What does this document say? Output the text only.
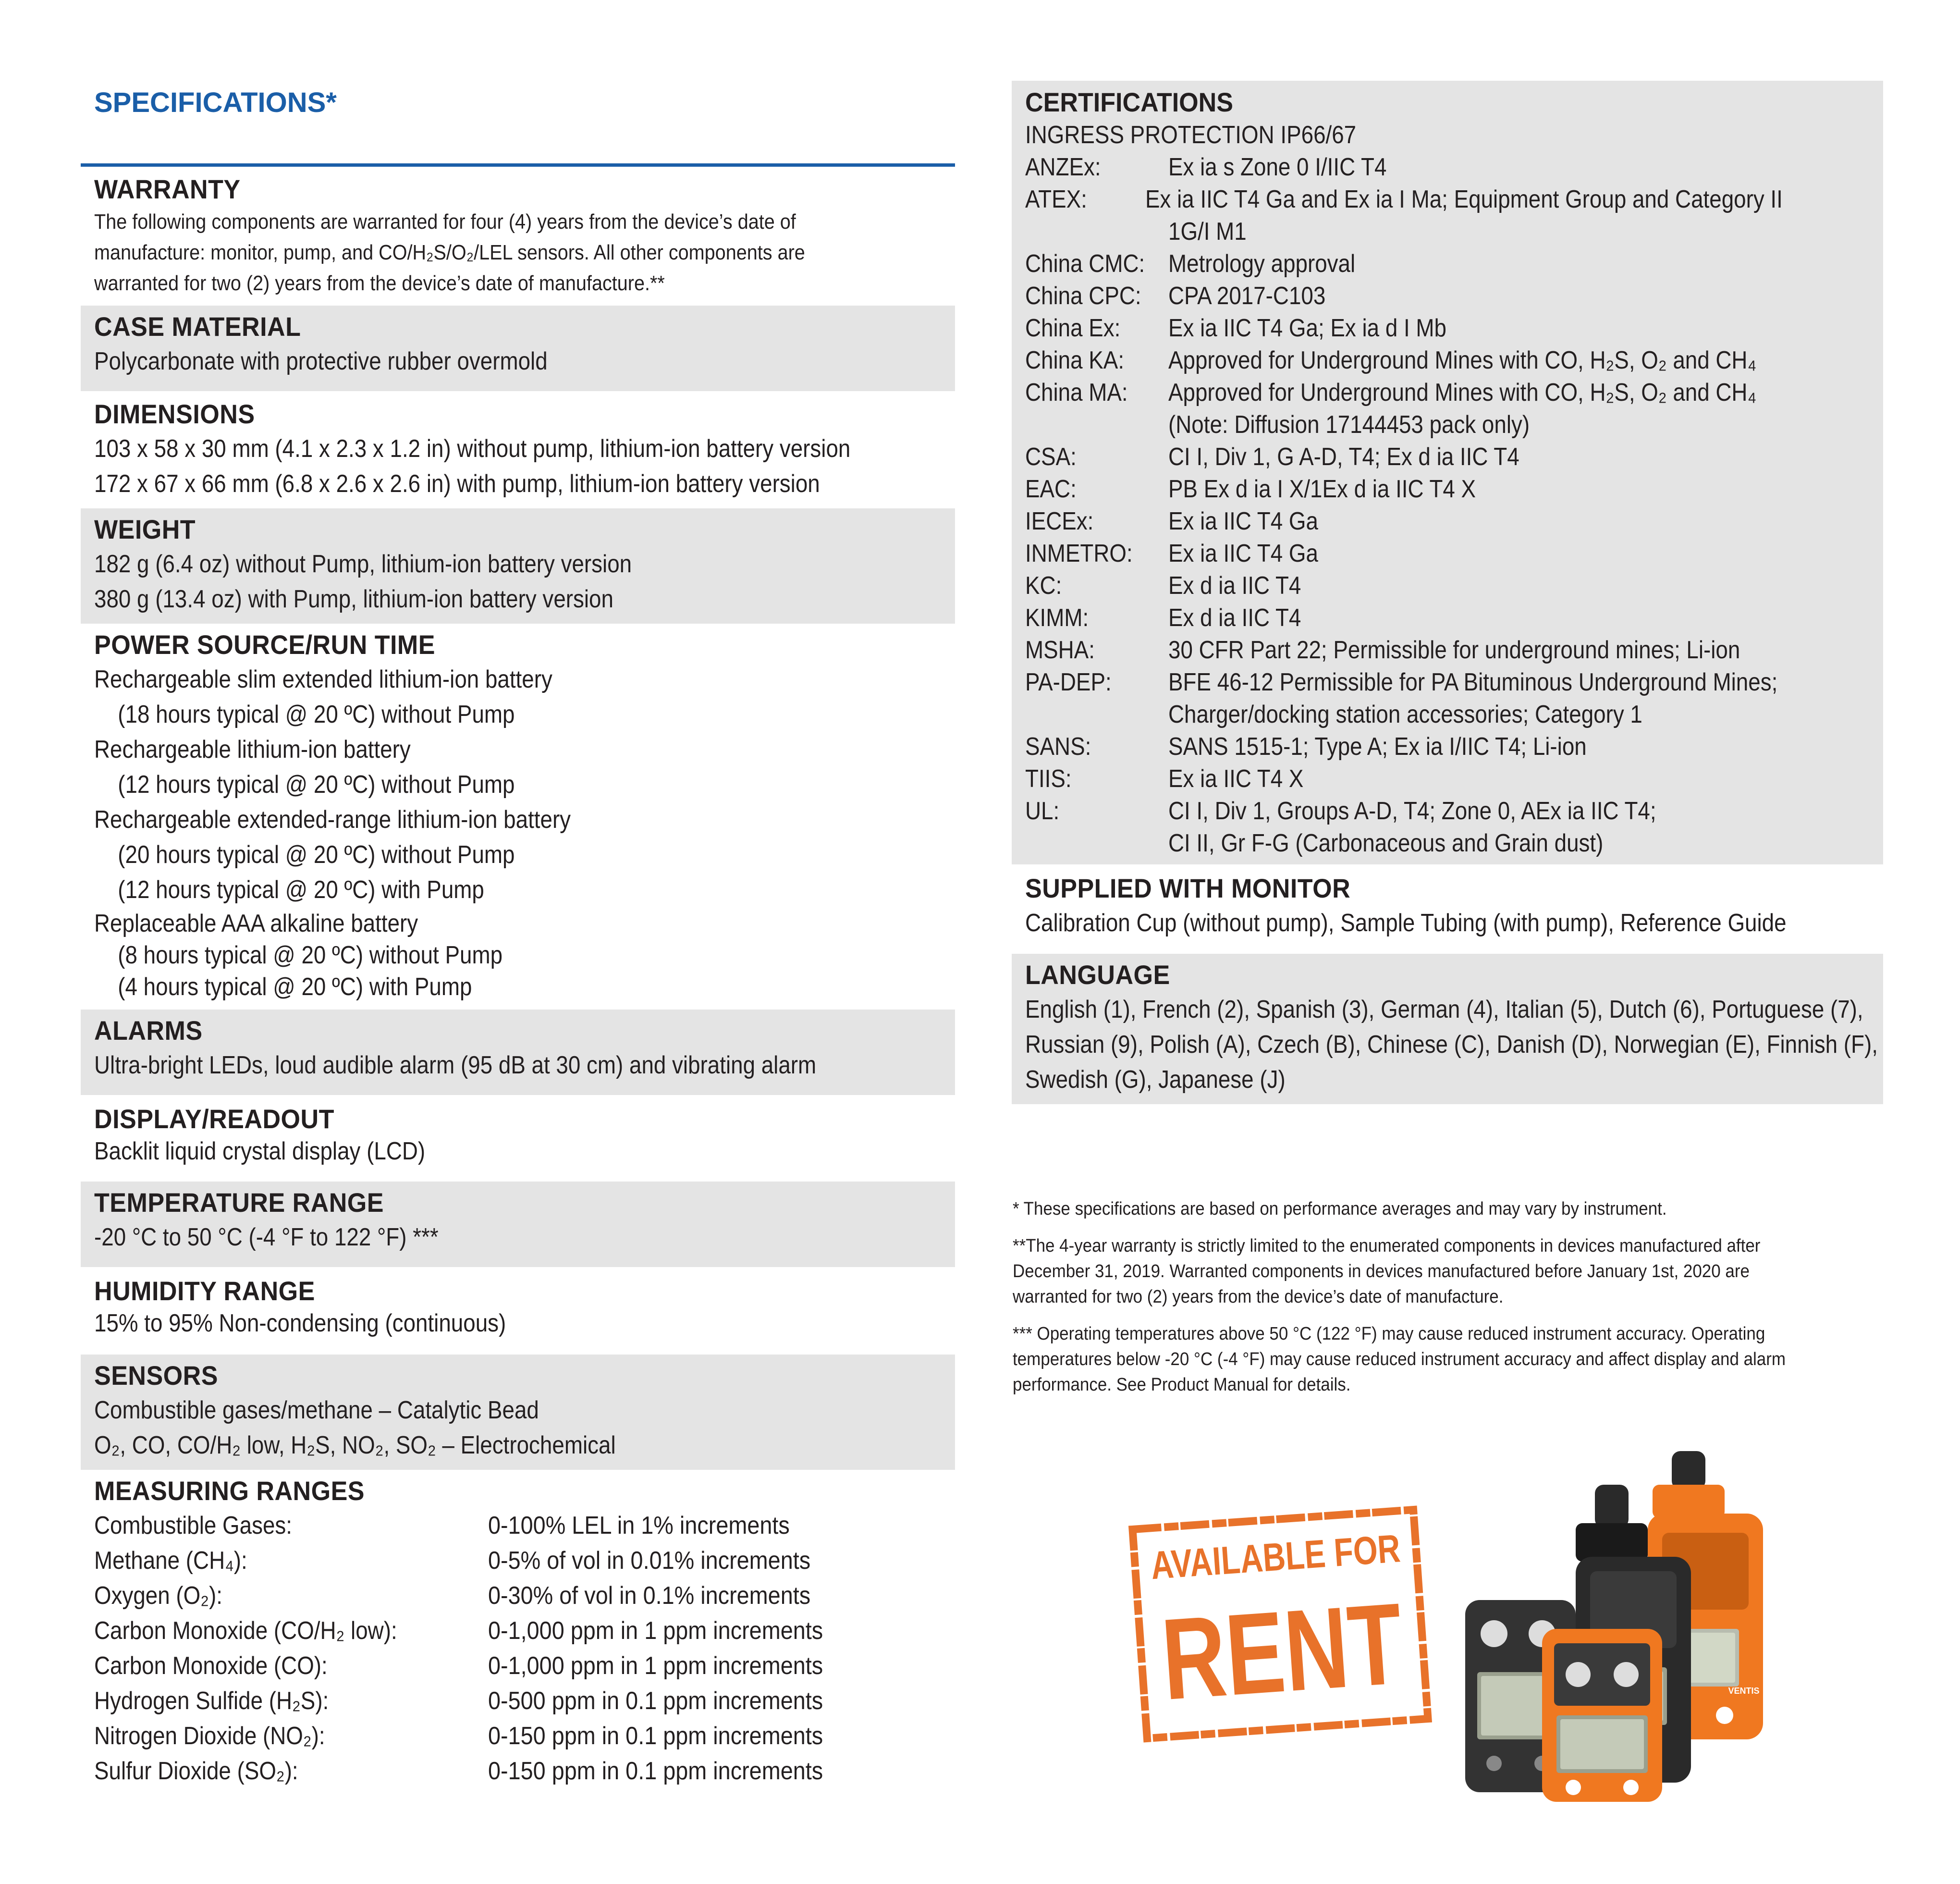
SPECIFICATIONS*
WARRANTY
The following components are warranted for four (4) years from the device’s date of
manufacture: monitor, pump, and CO/H₂S/O₂/LEL sensors. All other components are
warranted for two (2) years from the device’s date of manufacture.**
CASE MATERIAL
Polycarbonate with protective rubber overmold
DIMENSIONS
103 x 58 x 30 mm (4.1 x 2.3 x 1.2 in) without pump, lithium-ion battery version
172 x 67 x 66 mm (6.8 x 2.6 x 2.6 in) with pump, lithium-ion battery version
WEIGHT
182 g (6.4 oz) without Pump, lithium-ion battery version
380 g (13.4 oz) with Pump, lithium-ion battery version
POWER SOURCE/RUN TIME
Rechargeable slim extended lithium-ion battery
(18 hours typical @ 20 ºC) without Pump
Rechargeable lithium-ion battery
(12 hours typical @ 20 ºC) without Pump
Rechargeable extended-range lithium-ion battery
(20 hours typical @ 20 ºC) without Pump
(12 hours typical @ 20 ºC) with Pump
Replaceable AAA alkaline battery
(8 hours typical @ 20 ºC) without Pump
(4 hours typical @ 20 ºC) with Pump
ALARMS
Ultra-bright LEDs, loud audible alarm (95 dB at 30 cm) and vibrating alarm
DISPLAY/READOUT
Backlit liquid crystal display (LCD)
TEMPERATURE RANGE
-20 °C to 50 °C (-4 °F to 122 °F) ***
HUMIDITY RANGE
15% to 95% Non-condensing (continuous)
SENSORS
Combustible gases/methane – Catalytic Bead
O₂, CO, CO/H₂ low, H₂S, NO₂, SO₂ – Electrochemical
MEASURING RANGES
Combustible Gases:	0-100% LEL in 1% increments
Methane (CH₄):	0-5% of vol in 0.01% increments
Oxygen (O₂):	0-30% of vol in 0.1% increments
Carbon Monoxide (CO/H₂ low):	0-1,000 ppm in 1 ppm increments
Carbon Monoxide (CO):	0-1,000 ppm in 1 ppm increments
Hydrogen Sulfide (H₂S):	0-500 ppm in 0.1 ppm increments
Nitrogen Dioxide (NO₂):	0-150 ppm in 0.1 ppm increments
Sulfur Dioxide (SO₂):	0-150 ppm in 0.1 ppm increments
CERTIFICATIONS
INGRESS PROTECTION IP66/67
ANZEx:	Ex ia s Zone 0 I/IIC T4
ATEX:	Ex ia IIC T4 Ga and Ex ia I Ma; Equipment Group and Category II
1G/I M1
China CMC: Metrology approval
China CPC:	CPA 2017-C103
China Ex:	Ex ia IIC T4 Ga; Ex ia d I Mb
China KA:	Approved for Underground Mines with CO, H₂S, O₂ and CH₄
China MA:	Approved for Underground Mines with CO, H₂S, O₂ and CH₄
(Note: Diffusion 17144453 pack only)
CSA:	CI I, Div 1, G A-D, T4; Ex d ia IIC T4
EAC:	PB Ex d ia I X/1Ex d ia IIC T4 X
IECEx:	Ex ia IIC T4 Ga
INMETRO:	Ex ia IIC T4 Ga
KC:	Ex d ia IIC T4
KIMM:	Ex d ia IIC T4
MSHA:	30 CFR Part 22; Permissible for underground mines; Li-ion
PA-DEP:	BFE 46-12 Permissible for PA Bituminous Underground Mines;
Charger/docking station accessories; Category 1
SANS:	SANS 1515-1; Type A; Ex ia I/IIC T4; Li-ion
TIIS:	Ex ia IIC T4 X
UL:	CI I, Div 1, Groups A-D, T4; Zone 0, AEx ia IIC T4;
CI II, Gr F-G (Carbonaceous and Grain dust)
SUPPLIED WITH MONITOR
Calibration Cup (without pump), Sample Tubing (with pump), Reference Guide
LANGUAGE
English (1), French (2), Spanish (3), German (4), Italian (5), Dutch (6), Portuguese (7),
Russian (9), Polish (A), Czech (B), Chinese (C), Danish (D), Norwegian (E), Finnish (F),
Swedish (G), Japanese (J)
* These specifications are based on performance averages and may vary by instrument.
**The 4-year warranty is strictly limited to the enumerated components in devices manufactured after
December 31, 2019. Warranted components in devices manufactured before January 1st, 2020 are
warranted for two (2) years from the device’s date of manufacture.
*** Operating temperatures above 50 °C (122 °F) may cause reduced instrument accuracy. Operating
temperatures below -20 °C (-4 °F) may cause reduced instrument accuracy and affect display and alarm
performance. See Product Manual for details.
AVAILABLE FOR
RENT	VENTIS
